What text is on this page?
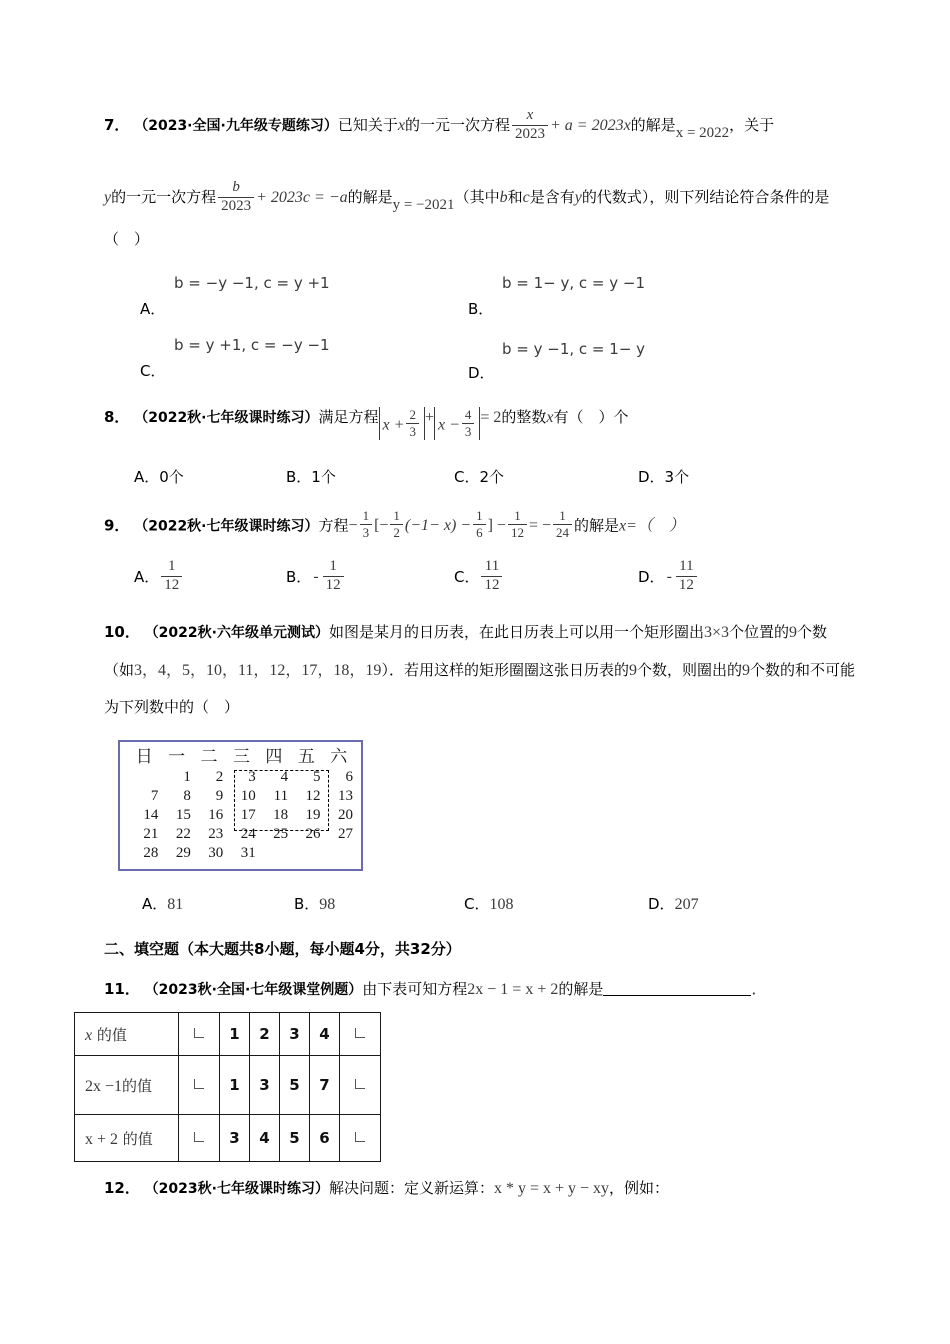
7． （2023·全国·九年级专题练习）已知关于x的一元一次方程 $\frac{x}{2023} + a = 2023x$的解是x = 2022，关于
y的一元一次方程 $\frac{b}{2023} + 2023c = -a$的解是y = −2021（其中b和c是含有y的代数式），则下列结论符合条件的是（　）
A．
b = −y −1, c = y +1
B．
b = 1− y, c = y −1
C．
b = y +1, c = −y −1
D．
b = y −1, c = 1− y
8． （2022秋·七年级课时练习）满足方程 $x + \frac{2}{3} + x - \frac{4}{3} = 2$的整数x有（　）个
A．0个	B．1个	C．2个	D．3个
9． （2022秋·七年级课时练习）方程− $\frac{1}{3}$ [− $\frac{1}{2} (-1- x) - \frac{1}{6}$ ] − $\frac{1}{12}$ = − $\frac{1}{24}$ 的解是x=（　）
A． $\frac{1}{12}$	B． - $\frac{1}{12}$	C． $\frac{11}{12}$	D． - $\frac{11}{12}$
10． （2022秋·六年级单元测试）如图是某月的日历表，在此日历表上可以用一个矩形圈出3×3个位置的9个数（如3，4，5，10，11，12，17，18，19）．若用这样的矩形圈圈这张日历表的9个数，则圈出的9个数的和不可能为下列数中的（　）
日	一	二	三	四	五	六
	1	2	3	4	5	6
7	8	9	10	11	12	13
14	15	16	17	18	19	20
21	22	23	24	25	26	27
28	29	30	31			
A． 81	B． 98	C． 108	D． 207
二、填空题（本大题共8小题，每小题4分，共32分）
11． （2023秋·全国·七年级课堂例题）由下表可知方程2x − 1 = x + 2的解是	．
x 的值		1	2	3	4	
2x −1的值		1	3	5	7	
x + 2 的值		3	4	5	6	
12． （2023秋·七年级课时练习）解决问题：定义新运算：x * y = x + y − xy，例如：
